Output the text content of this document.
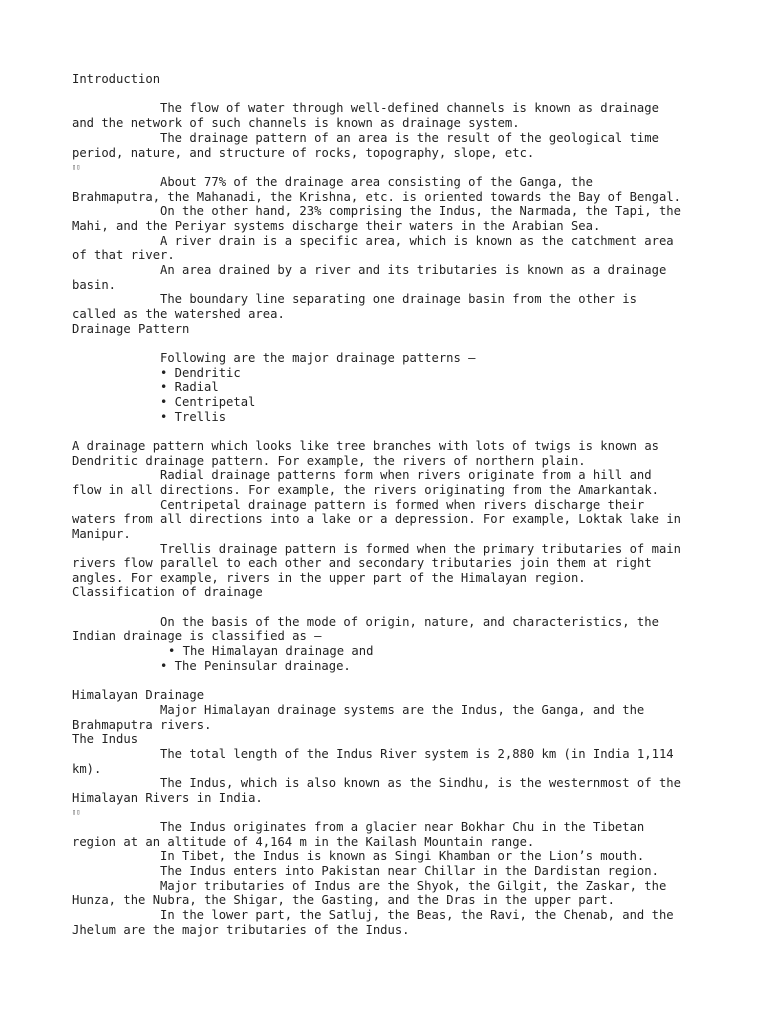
Introduction
The flow of water through well-defined channels is known as drainage
and the network of such channels is known as drainage system.
The drainage pattern of an area is the result of the geological time
period, nature, and structure of rocks, topography, slope, etc.
▯▯
About 77% of the drainage area consisting of the Ganga, the
Brahmaputra, the Mahanadi, the Krishna, etc. is oriented towards the Bay of Bengal.
On the other hand, 23% comprising the Indus, the Narmada, the Tapi, the
Mahi, and the Periyar systems discharge their waters in the Arabian Sea.
A river drain is a specific area, which is known as the catchment area
of that river.
An area drained by a river and its tributaries is known as a drainage
basin.
The boundary line separating one drainage basin from the other is
called as the watershed area.
Drainage Pattern
Following are the major drainage patterns –
• Dendritic
• Radial
• Centripetal
• Trellis
A drainage pattern which looks like tree branches with lots of twigs is known as
Dendritic drainage pattern. For example, the rivers of northern plain.
Radial drainage patterns form when rivers originate from a hill and
flow in all directions. For example, the rivers originating from the Amarkantak.
Centripetal drainage pattern is formed when rivers discharge their
waters from all directions into a lake or a depression. For example, Loktak lake in
Manipur.
Trellis drainage pattern is formed when the primary tributaries of main
rivers flow parallel to each other and secondary tributaries join them at right
angles. For example, rivers in the upper part of the Himalayan region.
Classification of drainage
On the basis of the mode of origin, nature, and characteristics, the
Indian drainage is classified as –
• The Himalayan drainage and
• The Peninsular drainage.
Himalayan Drainage
Major Himalayan drainage systems are the Indus, the Ganga, and the
Brahmaputra rivers.
The Indus
The total length of the Indus River system is 2,880 km (in India 1,114
km).
The Indus, which is also known as the Sindhu, is the westernmost of the
Himalayan Rivers in India.
▯▯
The Indus originates from a glacier near Bokhar Chu in the Tibetan
region at an altitude of 4,164 m in the Kailash Mountain range.
In Tibet, the Indus is known as Singi Khamban or the Lion’s mouth.
The Indus enters into Pakistan near Chillar in the Dardistan region.
Major tributaries of Indus are the Shyok, the Gilgit, the Zaskar, the
Hunza, the Nubra, the Shigar, the Gasting, and the Dras in the upper part.
In the lower part, the Satluj, the Beas, the Ravi, the Chenab, and the
Jhelum are the major tributaries of the Indus.
